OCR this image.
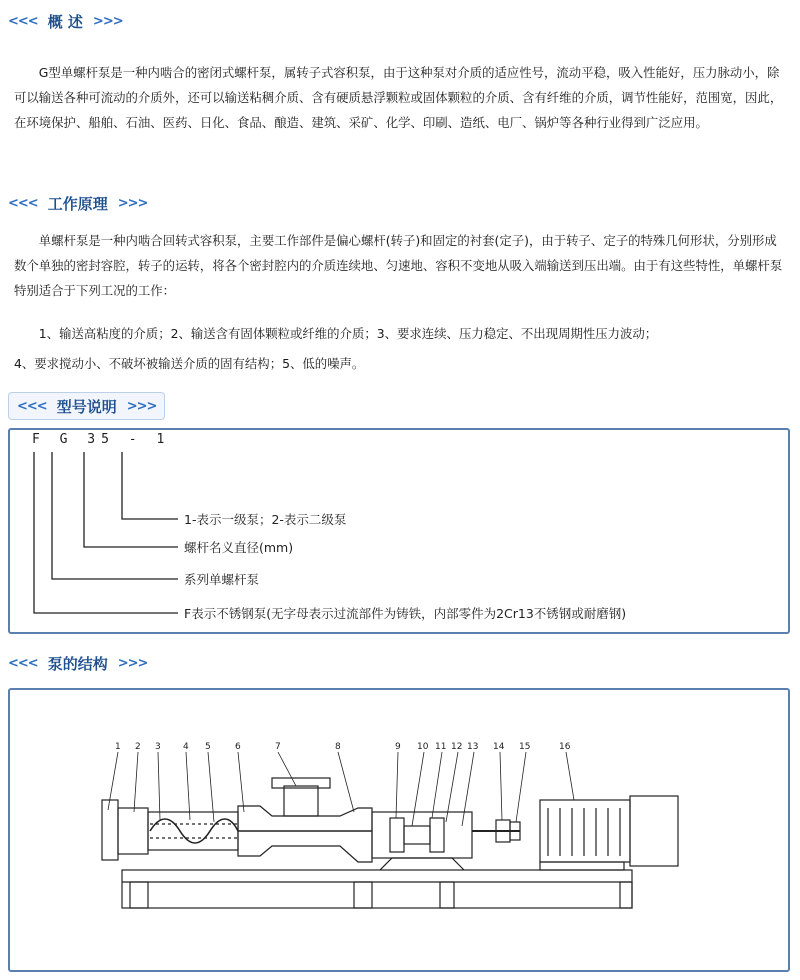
<<< 概 述 >>>

G型单螺杆泵是一种内啮合的密闭式螺杆泵，属转子式容积泵，由于这种泵对介质的适应性号，流动平稳，吸入性能好，压力脉动小，除可以输送各种可流动的介质外，还可以输送粘稠介质、含有硬质悬浮颗粒或固体颗粒的介质、含有纤维的介质，调节性能好，范围宽，因此，在环境保护、船舶、石油、医药、日化、食品、酿造、建筑、采矿、化学、印刷、造纸、电厂、锅炉等各种行业得到广泛应用。

<<< 工作原理 >>>

单螺杆泵是一种内啮合回转式容积泵，主要工作部件是偏心螺杆(转子)和固定的衬套(定子)，由于转子、定子的特殊几何形状，分别形成数个单独的密封容腔，转子的运转，将各个密封腔内的介质连续地、匀速地、容积不变地从吸入端输送到压出端。由于有这些特性，单螺杆泵特别适合于下列工况的工作：

1、输送高粘度的介质；2、输送含有固体颗粒或纤维的介质；3、要求连续、压力稳定、不出现周期性压力波动；
4、要求搅动小、不破坏被输送介质的固有结构；5、低的噪声。
<<< 型号说明 >>>
F G 35 - 1
1-表示一级泵；2-表示二级泵
螺杆名义直径(mm)
系列单螺杆泵
F表示不锈钢泵(无字母表示过流部件为铸铁，内部零件为2Cr13不锈钢或耐磨钢)
<<< 泵的结构 >>>
1 2 3 4 5	6	7	8	9 10 11 12 13 14 15	16
